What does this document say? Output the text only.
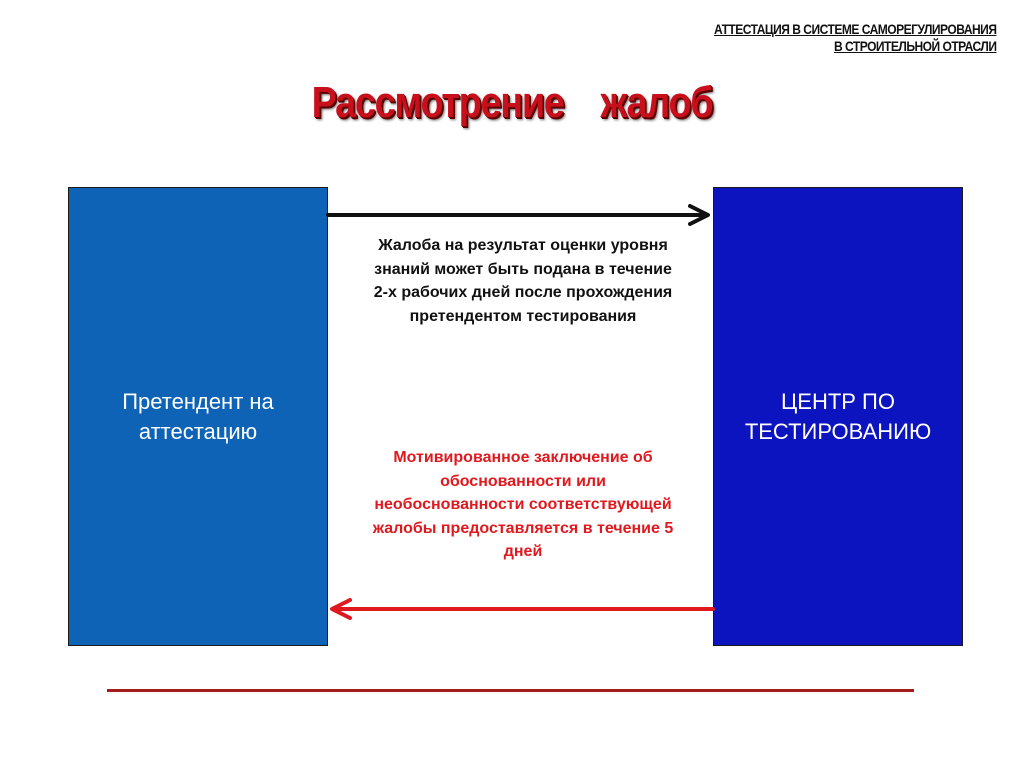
АТТЕСТАЦИЯ В СИСТЕМЕ САМОРЕГУЛИРОВАНИЯ
В СТРОИТЕЛЬНОЙ ОТРАСЛИ
Рассмотрение    жалоб
Претендент на аттестацию
ЦЕНТР ПО ТЕСТИРОВАНИЮ
Жалоба на результат оценки уровня знаний может быть подана в течение 2-х рабочих дней после прохождения претендентом тестирования
Мотивированное заключение об обоснованности или необоснованности соответствующей жалобы предоставляется в течение 5 дней
